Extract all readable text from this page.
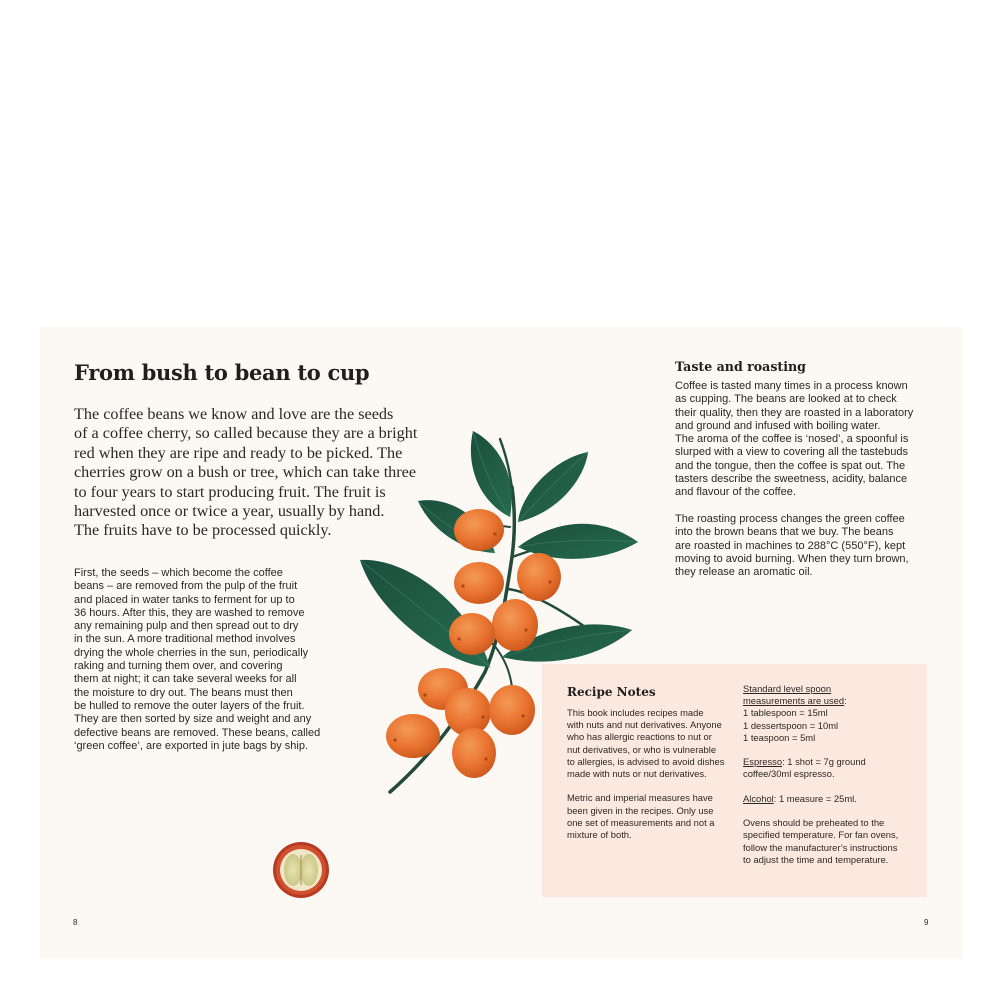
From bush to bean to cup

The coffee beans we know and love are the seeds
of a coffee cherry, so called because they are a bright
red when they are ripe and ready to be picked. The
cherries grow on a bush or tree, which can take three
to four years to start producing fruit. The fruit is
harvested once or twice a year, usually by hand.
The fruits have to be processed quickly.

First, the seeds – which become the coffee
beans – are removed from the pulp of the fruit
and placed in water tanks to ferment for up to
36 hours. After this, they are washed to remove
any remaining pulp and then spread out to dry
in the sun. A more traditional method involves
drying the whole cherries in the sun, periodically
raking and turning them over, and covering
them at night; it can take several weeks for all
the moisture to dry out. The beans must then
be hulled to remove the outer layers of the fruit.
They are then sorted by size and weight and any
defective beans are removed. These beans, called
‘green coffee’, are exported in jute bags by ship.

8
Taste and roasting

Coffee is tasted many times in a process known
as cupping. The beans are looked at to check
their quality, then they are roasted in a laboratory
and ground and infused with boiling water.
The aroma of the coffee is ‘nosed’, a spoonful is
slurped with a view to covering all the tastebuds
and the tongue, then the coffee is spat out. The
tasters describe the sweetness, acidity, balance
and flavour of the coffee.

The roasting process changes the green coffee
into the brown beans that we buy. The beans
are roasted in machines to 288°C (550°F), kept
moving to avoid burning. When they turn brown,
they release an aromatic oil.

Recipe Notes

This book includes recipes made
with nuts and nut derivatives. Anyone
who has allergic reactions to nut or
nut derivatives, or who is vulnerable
to allergies, is advised to avoid dishes
made with nuts or nut derivatives.

Metric and imperial measures have
been given in the recipes. Only use
one set of measurements and not a
mixture of both.

Standard level spoon
measurements are used:
1 tablespoon = 15ml
1 dessertspoon = 10ml
1 teaspoon = 5ml
Espresso: 1 shot = 7g ground
coffee/30ml espresso.
Alcohol: 1 measure = 25ml.
Ovens should be preheated to the
specified temperature. For fan ovens,
follow the manufacturer’s instructions
to adjust the time and temperature.
9
